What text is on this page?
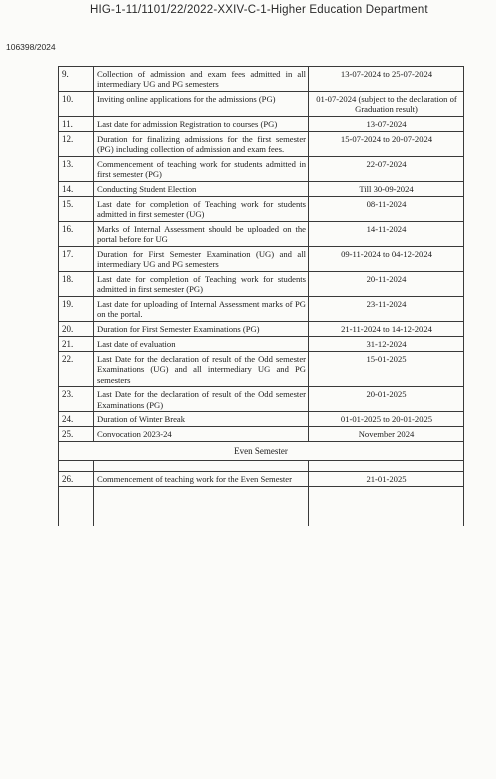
HIG-1-11/1101/22/2022-XXIV-C-1-Higher Education Department
106398/2024
9.	Collection of admission and exam fees admitted in all intermediary UG and PG semesters	13-07-2024 to 25-07-2024
10.	Inviting online applications for the admissions (PG)	01-07-2024 (subject to the declaration of Graduation result)
11.	Last date for admission Registration to courses (PG)	13-07-2024
12.	Duration for finalizing admissions for the first semester (PG) including collection of admission and exam fees.	15-07-2024 to 20-07-2024
13.	Commencement of teaching work for students admitted in first semester (PG)	22-07-2024
14.	Conducting Student Election	Till 30-09-2024
15.	Last date for completion of Teaching work for students admitted in first semester (UG)	08-11-2024
16.	Marks of Internal Assessment should be uploaded on the portal before for UG	14-11-2024
17.	Duration for First Semester Examination (UG) and all intermediary UG and PG semesters	09-11-2024 to 04-12-2024
18.	Last date for completion of Teaching work for students admitted in first semester (PG)	20-11-2024
19.	Last date for uploading of Internal Assessment marks of PG on the portal.	23-11-2024
20.	Duration for First Semester Examinations (PG)	21-11-2024 to 14-12-2024
21.	Last date of evaluation	31-12-2024
22.	Last Date for the declaration of result of the Odd semester Examinations (UG) and all intermediary UG and PG semesters	15-01-2025
23.	Last Date for the declaration of result of the Odd semester Examinations (PG)	20-01-2025
24.	Duration of Winter Break	01-01-2025 to 20-01-2025
25.	Convocation 2023-24	November 2024
Even Semester		

26.	Commencement of teaching work for the Even Semester	21-01-2025
